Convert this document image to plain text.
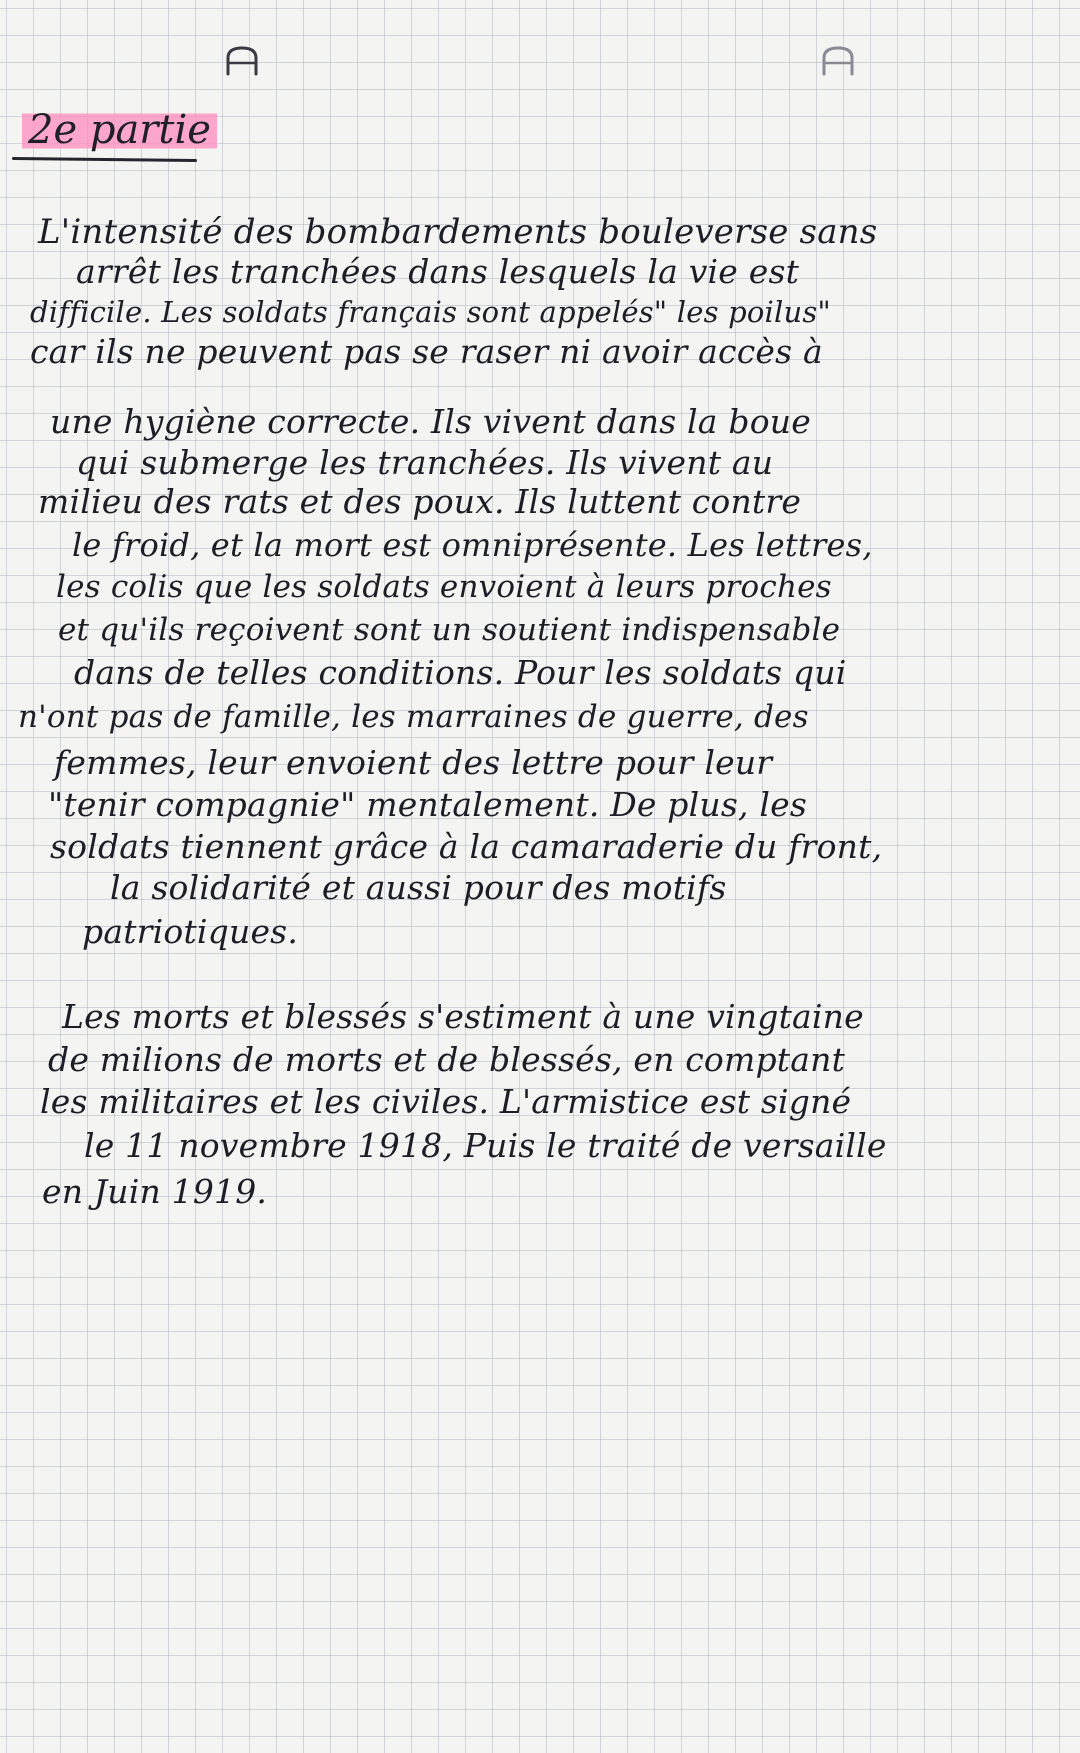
2e partie
L'intensité des bombardements bouleverse sans
arrêt les tranchées dans lesquels la vie est
difficile. Les soldats français sont appelés" les poilus"
car ils ne peuvent pas se raser ni avoir accès à
une hygiène correcte. Ils vivent dans la boue
qui submerge les tranchées. Ils vivent au
milieu des rats et des poux. Ils luttent contre
le froid, et la mort est omniprésente. Les lettres,
les colis que les soldats envoient à leurs proches
et qu'ils reçoivent sont un soutient indispensable
dans de telles conditions. Pour les soldats qui
n'ont pas de famille, les marraines de guerre, des
femmes, leur envoient des lettre pour leur
"tenir compagnie" mentalement. De plus, les
soldats tiennent grâce à la camaraderie du front,
la solidarité et aussi pour des motifs
patriotiques.
Les morts et blessés s'estiment à une vingtaine
de milions de morts et de blessés, en comptant
les militaires et les civiles. L'armistice est signé
le 11 novembre 1918, Puis le traité de versaille
en Juin 1919.
